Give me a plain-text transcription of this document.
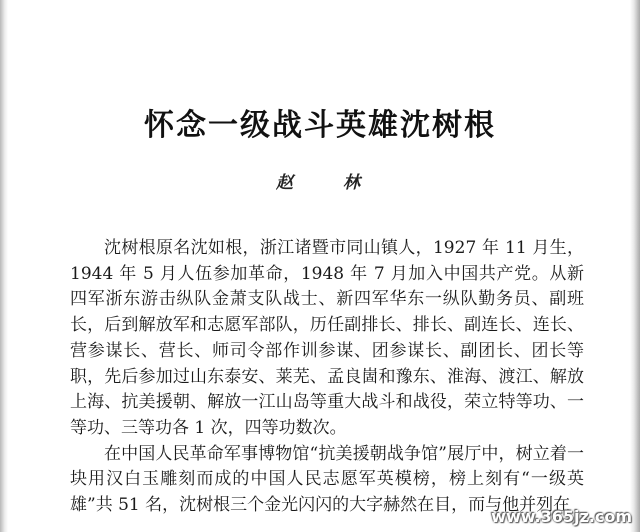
怀念一级战斗英雄沈树根
赵 林

沈树根原名沈如根，浙江诸暨市同山镇人，1927 年 11 月生，1944 年 5 月人伍参加革命，1948 年 7 月加入中国共产党。从新四军浙东游击纵队金萧支队战士、新四军华东一纵队勤务员、副班长，后到解放军和志愿军部队，历任副排长、排长、副连长、连长、营参谋长、营长、师司令部作训参谋、团参谋长、副团长、团长等职，先后参加过山东泰安、莱芜、孟良崮和豫东、淮海、渡江、解放上海、抗美援朝、解放一江山岛等重大战斗和战役，荣立特等功、一等功、三等功各 1 次，四等功数次。

在中国人民革命军事博物馆“抗美援朝战争馆”展厅中，树立着一块用汉白玉雕刻而成的中国人民志愿军英模榜，榜上刻有“一级英雄”共 51 名，沈树根三个金光闪闪的大字赫然在目，而与他并列在

www.365jz.com
